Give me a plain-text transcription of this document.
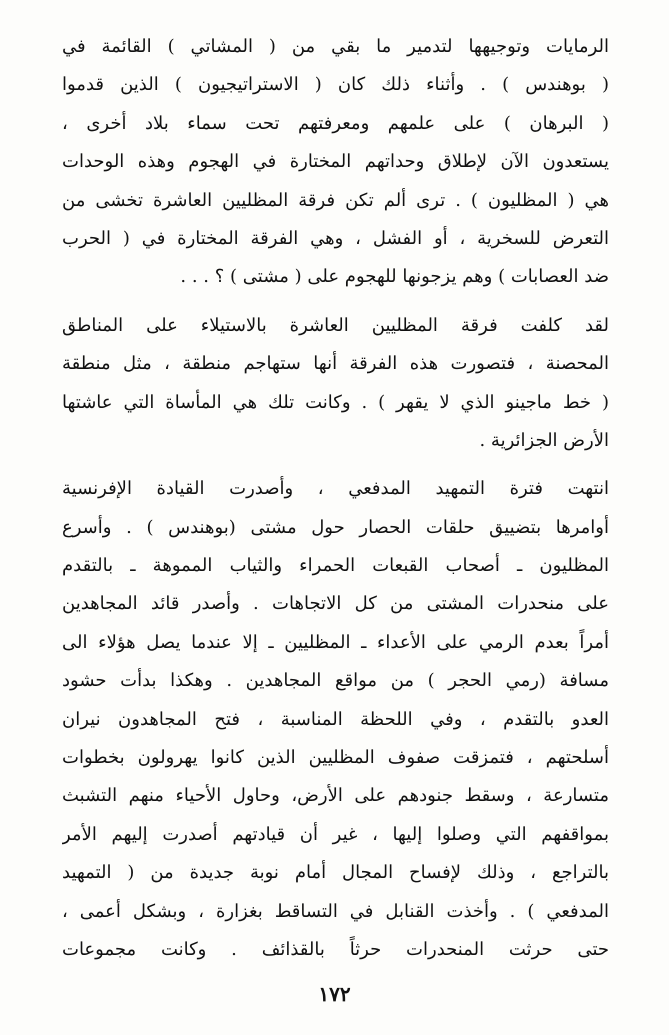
الرمايات وتوجيهها لتدمير ما بقي من ( المشاتي ) القائمة في
( بوهندس ) . وأثناء ذلك كان ( الاستراتيجيون ) الذين قدموا
( البرهان ) على علمهم ومعرفتهم تحت سماء بلاد أخرى ،
يستعدون الآن لإطلاق وحداتهم المختارة في الهجوم وهذه الوحدات
هي ( المظليون ) . ترى ألم تكن فرقة المظليين العاشرة تخشى من
التعرض للسخرية ، أو الفشل ، وهي الفرقة المختارة في ( الحرب
ضد العصابات ) وهم يزجونها للهجوم على ( مشتى ) ؟ . . .
لقد كلفت فرقة المظليين العاشرة بالاستيلاء على المناطق
المحصنة ، فتصورت هذه الفرقة أنها ستهاجم منطقة ، مثل منطقة
( خط ماجينو الذي لا يقهر ) . وكانت تلك هي المأساة التي عاشتها
الأرض الجزائرية .
انتهت فترة التمهيد المدفعي ، وأصدرت القيادة الإفرنسية
أوامرها بتضييق حلقات الحصار حول مشتى (بوهندس ) . وأسرع
المظليون ـ أصحاب القبعات الحمراء والثياب المموهة ـ بالتقدم
على منحدرات المشتى من كل الاتجاهات . وأصدر قائد المجاهدين
أمراً بعدم الرمي على الأعداء ـ المظليين ـ إلا عندما يصل هؤلاء الى
مسافة (رمي الحجر ) من مواقع المجاهدين . وهكذا بدأت حشود
العدو بالتقدم ، وفي اللحظة المناسبة ، فتح المجاهدون نيران
أسلحتهم ، فتمزقت صفوف المظليين الذين كانوا يهرولون بخطوات
متسارعة ، وسقط جنودهم على الأرض، وحاول الأحياء منهم التشبث
بمواقفهم التي وصلوا إليها ، غير أن قيادتهم أصدرت إليهم الأمر
بالتراجع ، وذلك لإفساح المجال أمام نوبة جديدة من ( التمهيد
المدفعي ) . وأخذت القنابل في التساقط بغزارة ، وبشكل أعمى ،
حتى حرثت المنحدرات حرثاً بالقذائف . وكانت مجموعات
١٧٢
